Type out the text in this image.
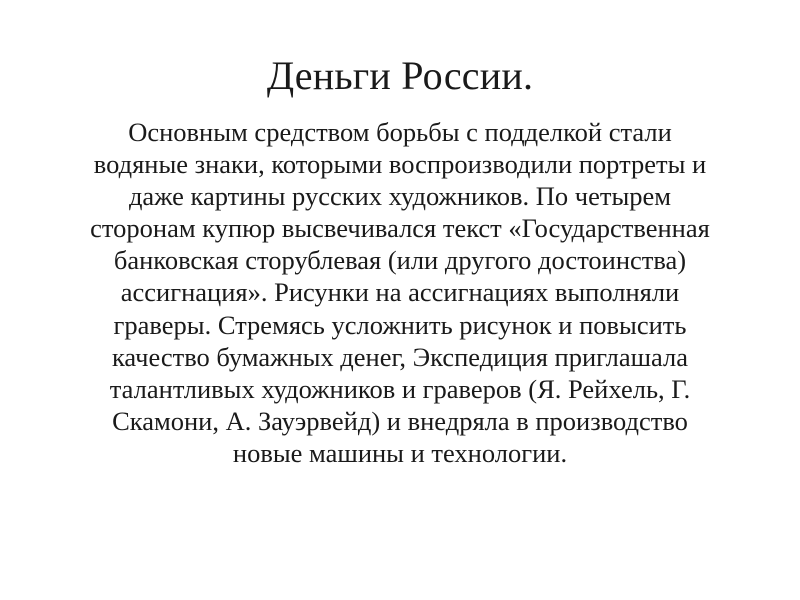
Деньги России.
Основным средством борьбы с подделкой стали
водяные знаки, которыми воспроизводили портреты и
даже картины русских художников. По четырем
сторонам купюр высвечивался текст «Государственная
банковская сторублевая (или другого достоинства)
ассигнация». Рисунки на ассигнациях выполняли
граверы. Стремясь усложнить рисунок и повысить
качество бумажных денег, Экспедиция приглашала
талантливых художников и граверов (Я. Рейхель, Г.
Скамони, А. Зауэрвейд) и внедряла в производство
новые машины и технологии.
